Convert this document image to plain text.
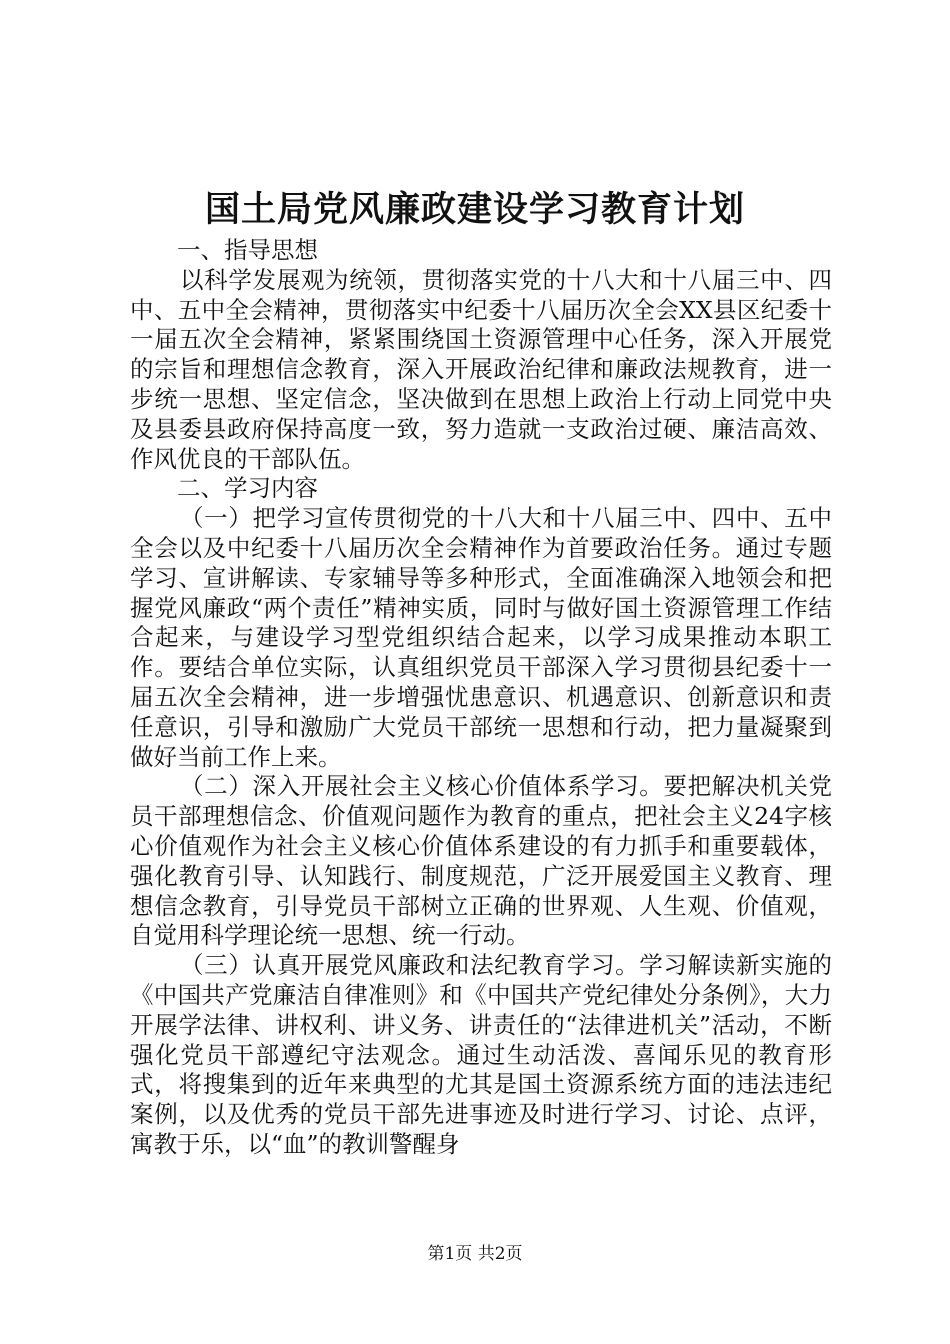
国土局党风廉政建设学习教育计划

一、指导思想

以科学发展观为统领，贯彻落实党的十八大和十八届三中、四中、五中全会精神，贯彻落实中纪委十八届历次全会XX县区纪委十一届五次全会精神，紧紧围绕国土资源管理中心任务，深入开展党的宗旨和理想信念教育，深入开展政治纪律和廉政法规教育，进一步统一思想、坚定信念，坚决做到在思想上政治上行动上同党中央及县委县政府保持高度一致，努力造就一支政治过硬、廉洁高效、作风优良的干部队伍。

二、学习内容

（一）把学习宣传贯彻党的十八大和十八届三中、四中、五中全会以及中纪委十八届历次全会精神作为首要政治任务。通过专题学习、宣讲解读、专家辅导等多种形式，全面准确深入地领会和把握党风廉政“两个责任”精神实质，同时与做好国土资源管理工作结合起来，与建设学习型党组织结合起来，以学习成果推动本职工作。要结合单位实际，认真组织党员干部深入学习贯彻县纪委十一届五次全会精神，进一步增强忧患意识、机遇意识、创新意识和责任意识，引导和激励广大党员干部统一思想和行动，把力量凝聚到做好当前工作上来。

（二）深入开展社会主义核心价值体系学习。要把解决机关党员干部理想信念、价值观问题作为教育的重点，把社会主义24字核心价值观作为社会主义核心价值体系建设的有力抓手和重要载体，强化教育引导、认知践行、制度规范，广泛开展爱国主义教育、理想信念教育，引导党员干部树立正确的世界观、人生观、价值观，自觉用科学理论统一思想、统一行动。

（三）认真开展党风廉政和法纪教育学习。学习解读新实施的《中国共产党廉洁自律准则》和《中国共产党纪律处分条例》，大力开展学法律、讲权利、讲义务、讲责任的“法律进机关”活动，不断强化党员干部遵纪守法观念。通过生动活泼、喜闻乐见的教育形式，将搜集到的近年来典型的尤其是国土资源系统方面的违法违纪案例，以及优秀的党员干部先进事迹及时进行学习、讨论、点评，寓教于乐，以“血”的教训警醒身

第1页 共2页
